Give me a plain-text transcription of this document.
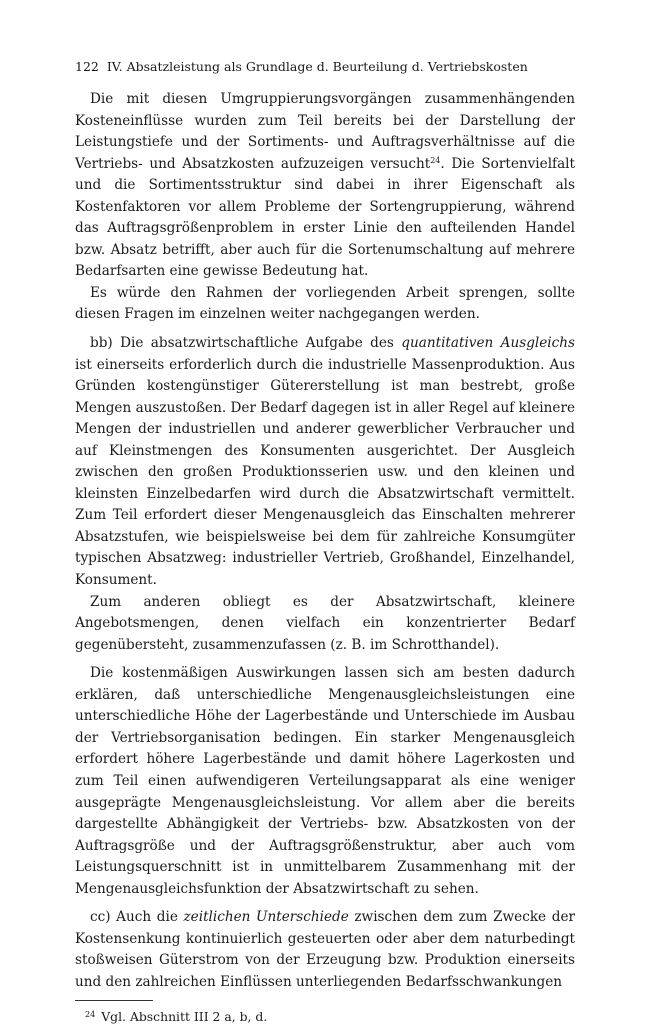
122 IV. Absatzleistung als Grundlage d. Beurteilung d. Vertriebskosten

Die mit diesen Umgruppierungsvorgängen zusammenhängenden Kosteneinflüsse wurden zum Teil bereits bei der Darstellung der Leistungstiefe und der Sortiments- und Auftragsverhältnisse auf die Vertriebs- und Absatzkosten aufzuzeigen versucht$^{24}$. Die Sortenvielfalt und die Sortimentsstruktur sind dabei in ihrer Eigenschaft als Kostenfaktoren vor allem Probleme der Sortengruppierung, während das Auftragsgrößenproblem in erster Linie den aufteilenden Handel bzw. Absatz betrifft, aber auch für die Sortenumschaltung auf mehrere Bedarfsarten eine gewisse Bedeutung hat.

Es würde den Rahmen der vorliegenden Arbeit sprengen, sollte diesen Fragen im einzelnen weiter nachgegangen werden.

bb) Die absatzwirtschaftliche Aufgabe des quantitativen Ausgleichs ist einerseits erforderlich durch die industrielle Massenproduktion. Aus Gründen kostengünstiger Gütererstellung ist man bestrebt, große Mengen auszustoßen. Der Bedarf dagegen ist in aller Regel auf kleinere Mengen der industriellen und anderer gewerblicher Verbraucher und auf Kleinstmengen des Konsumenten ausgerichtet. Der Ausgleich zwischen den großen Produktionsserien usw. und den kleinen und kleinsten Einzelbedarfen wird durch die Absatzwirtschaft vermittelt. Zum Teil erfordert dieser Mengenausgleich das Einschalten mehrerer Absatzstufen, wie beispielsweise bei dem für zahlreiche Konsumgüter typischen Absatzweg: industrieller Vertrieb, Großhandel, Einzelhandel, Konsument.

Zum anderen obliegt es der Absatzwirtschaft, kleinere Angebotsmengen, denen vielfach ein konzentrierter Bedarf gegenübersteht, zusammenzufassen (z. B. im Schrotthandel).

Die kostenmäßigen Auswirkungen lassen sich am besten dadurch erklären, daß unterschiedliche Mengenausgleichsleistungen eine unterschiedliche Höhe der Lagerbestände und Unterschiede im Ausbau der Vertriebsorganisation bedingen. Ein starker Mengenausgleich erfordert höhere Lagerbestände und damit höhere Lagerkosten und zum Teil einen aufwendigeren Verteilungsapparat als eine weniger ausgeprägte Mengenausgleichsleistung. Vor allem aber die bereits dargestellte Abhängigkeit der Vertriebs- bzw. Absatzkosten von der Auftragsgröße und der Auftragsgrößenstruktur, aber auch vom Leistungsquerschnitt ist in unmittelbarem Zusammenhang mit der Mengenausgleichsfunktion der Absatzwirtschaft zu sehen.

cc) Auch die zeitlichen Unterschiede zwischen dem zum Zwecke der Kostensenkung kontinuierlich gesteuerten oder aber dem naturbedingt stoßweisen Güterstrom von der Erzeugung bzw. Produktion einerseits und den zahlreichen Einflüssen unterliegenden Bedarfsschwankungen

$^{24}$ Vgl. Abschnitt III 2 a, b, d.
